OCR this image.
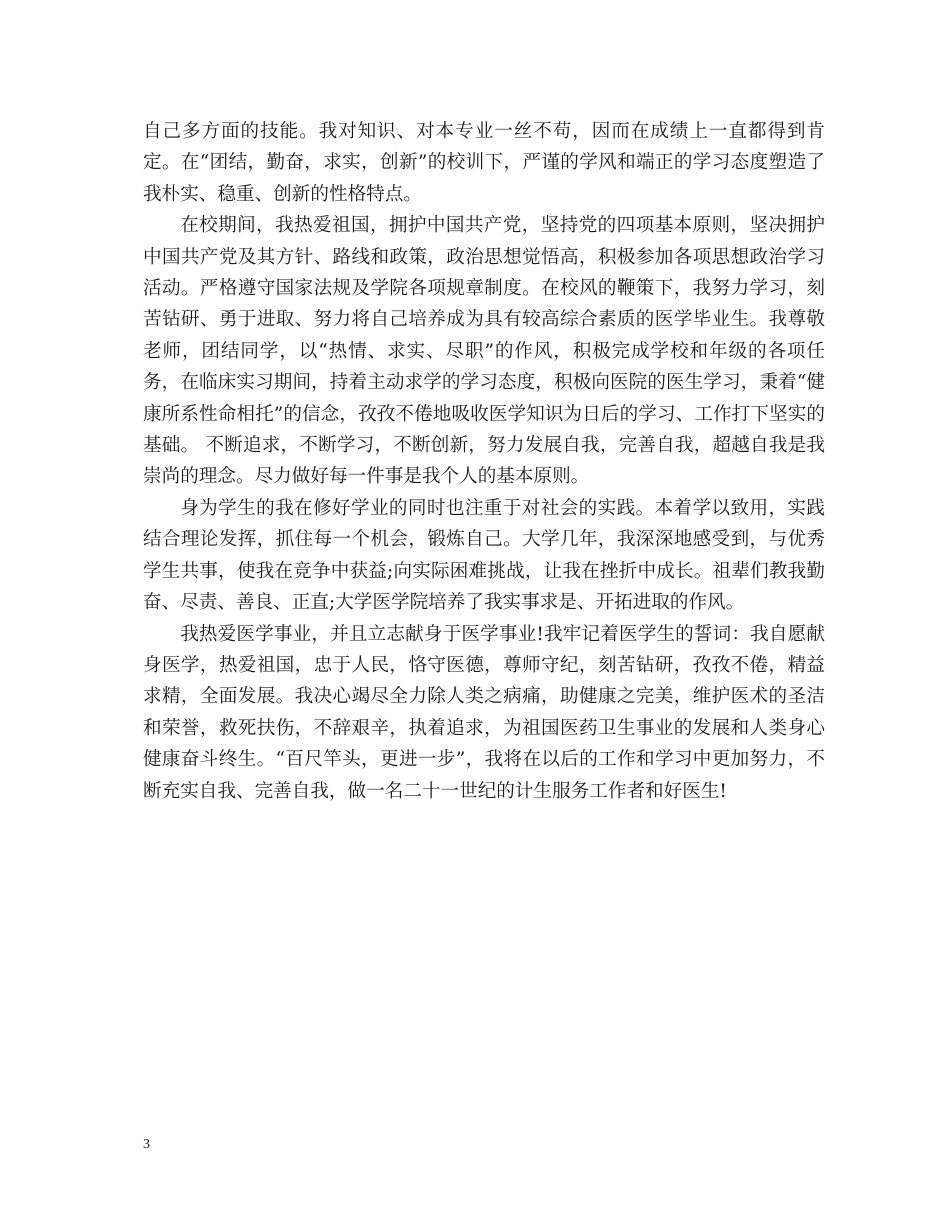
自己多方面的技能。我对知识、对本专业一丝不苟，因而在成绩上一直都得到肯定。在“团结，勤奋，求实，创新”的校训下，严谨的学风和端正的学习态度塑造了我朴实、稳重、创新的性格特点。

在校期间，我热爱祖国，拥护中国共产党，坚持党的四项基本原则，坚决拥护中国共产党及其方针、路线和政策，政治思想觉悟高，积极参加各项思想政治学习活动。严格遵守国家法规及学院各项规章制度。在校风的鞭策下，我努力学习，刻苦钻研、勇于进取、努力将自己培养成为具有较高综合素质的医学毕业生。我尊敬老师，团结同学，以“热情、求实、尽职”的作风，积极完成学校和年级的各项任务，在临床实习期间，持着主动求学的学习态度，积极向医院的医生学习，秉着“健康所系性命相托”的信念，孜孜不倦地吸收医学知识为日后的学习、工作打下坚实的基础。 不断追求，不断学习，不断创新，努力发展自我，完善自我，超越自我是我崇尚的理念。尽力做好每一件事是我个人的基本原则。

身为学生的我在修好学业的同时也注重于对社会的实践。本着学以致用，实践结合理论发挥，抓住每一个机会，锻炼自己。大学几年，我深深地感受到，与优秀学生共事，使我在竞争中获益;向实际困难挑战，让我在挫折中成长。祖辈们教我勤奋、尽责、善良、正直;大学医学院培养了我实事求是、开拓进取的作风。

我热爱医学事业，并且立志献身于医学事业!我牢记着医学生的誓词：我自愿献身医学，热爱祖国，忠于人民，恪守医德，尊师守纪，刻苦钻研，孜孜不倦，精益求精，全面发展。我决心竭尽全力除人类之病痛，助健康之完美，维护医术的圣洁和荣誉，救死扶伤，不辞艰辛，执着追求，为祖国医药卫生事业的发展和人类身心健康奋斗终生。“百尺竿头，更进一步”，我将在以后的工作和学习中更加努力，不断充实自我、完善自我，做一名二十一世纪的计生服务工作者和好医生!

3
